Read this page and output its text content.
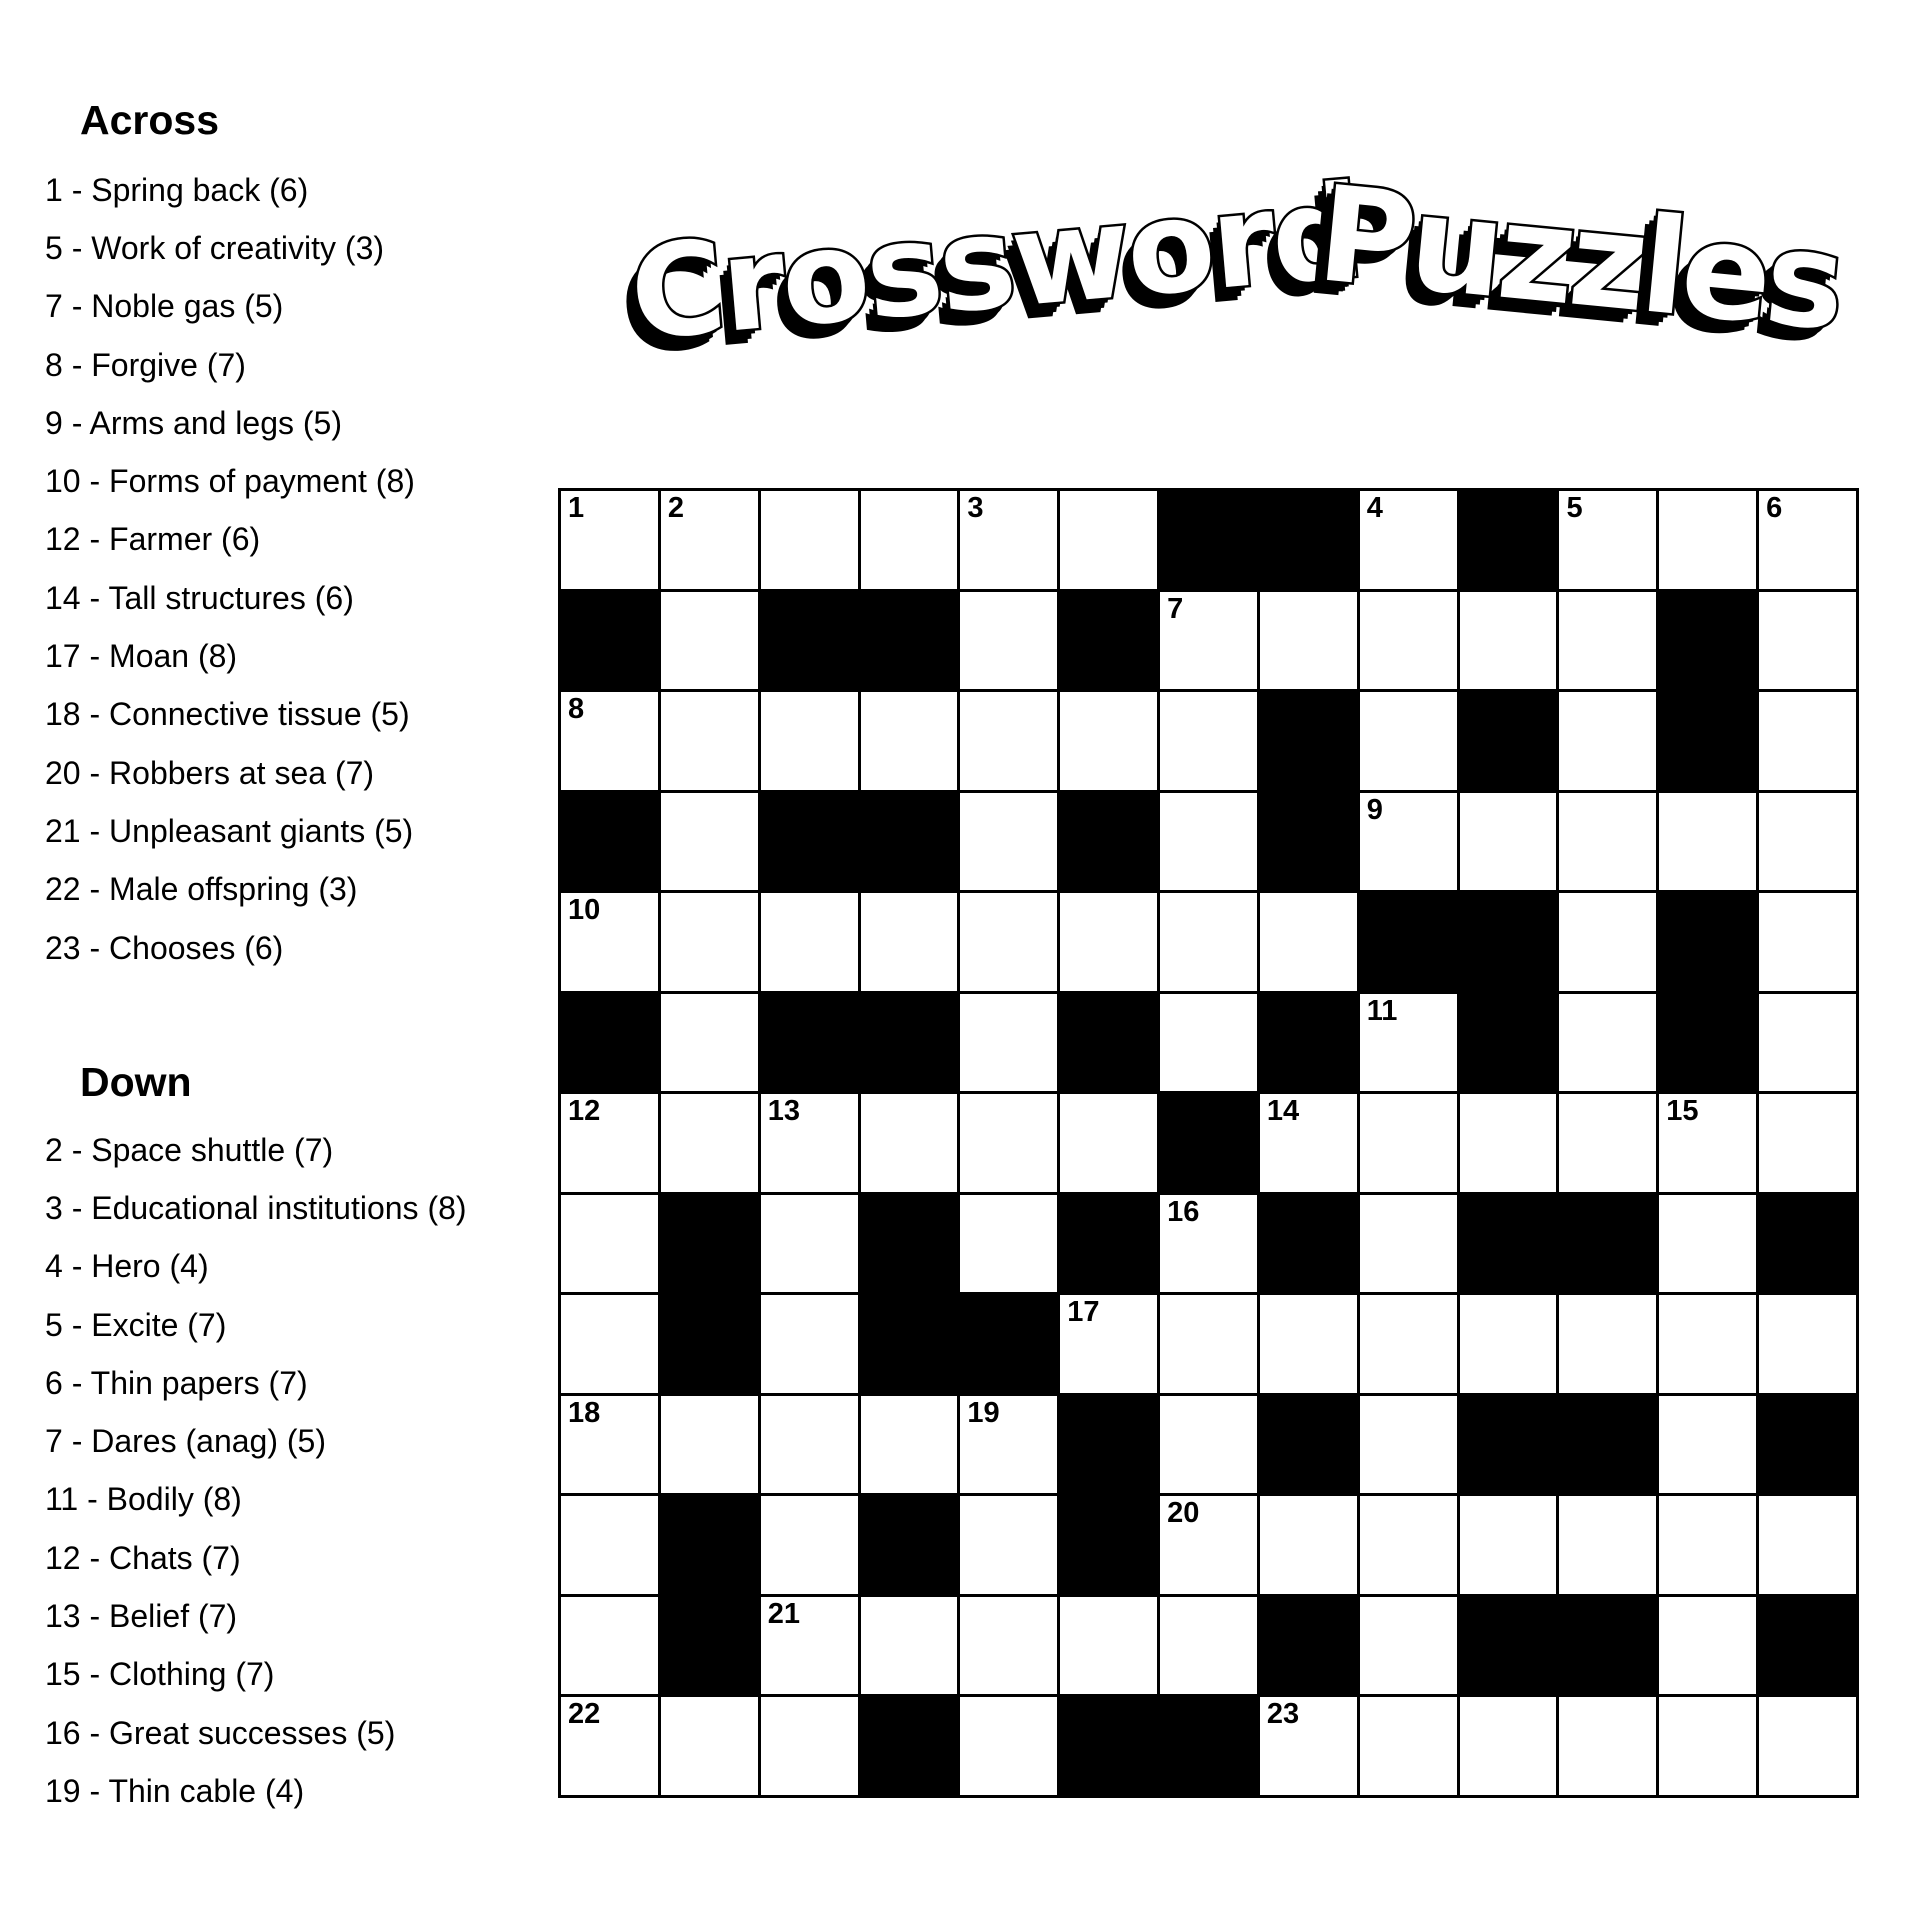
Crossword
Puzzles
Across
1 - Spring back (6)
5 - Work of creativity (3)
7 - Noble gas (5)
8 - Forgive (7)
9 - Arms and legs (5)
10 - Forms of payment (8)
12 - Farmer (6)
14 - Tall structures (6)
17 - Moan (8)
18 - Connective tissue (5)
20 - Robbers at sea (7)
21 - Unpleasant giants (5)
22 - Male offspring (3)
23 - Chooses (6)
Down
2 - Space shuttle (7)
3 - Educational institutions (8)
4 - Hero (4)
5 - Excite (7)
6 - Thin papers (7)
7 - Dares (anag) (5)
11 - Bodily (8)
12 - Chats (7)
13 - Belief (7)
15 - Clothing (7)
16 - Great successes (5)
19 - Thin cable (4)
1	2	3	4	5	6
7
8
9
10
11
12	13	14	15
16
17
18	19
20
21
22	23
